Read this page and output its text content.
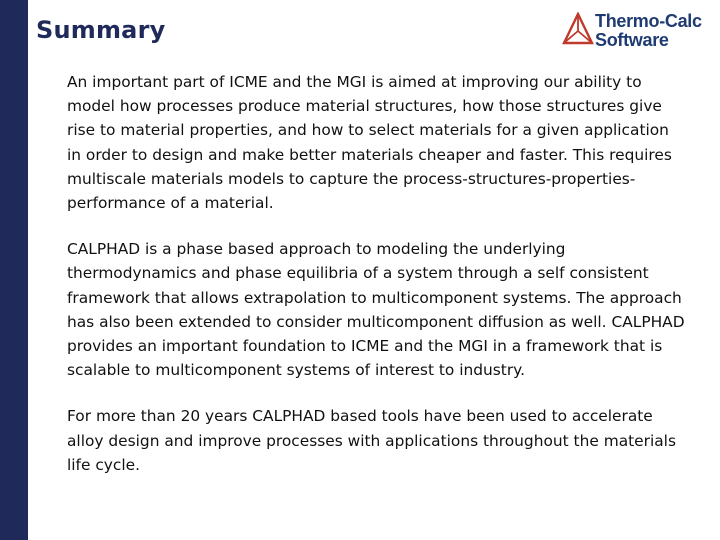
Summary	Thermo-Calc
Software

An important part of ICME and the MGI is aimed at improving our ability to model how processes produce material structures, how those structures give rise to material properties, and how to select materials for a given application in order to design and make better materials cheaper and faster. This requires multiscale materials models to capture the process-structures-properties-performance of a material.

CALPHAD is a phase based approach to modeling the underlying thermodynamics and phase equilibria of a system through a self consistent framework that allows extrapolation to multicomponent systems. The approach has also been extended to consider multicomponent diffusion as well. CALPHAD provides an important foundation to ICME and the MGI in a framework that is scalable to multicomponent systems of interest to industry.

For more than 20 years CALPHAD based tools have been used to accelerate alloy design and improve processes with applications throughout the materials life cycle.
